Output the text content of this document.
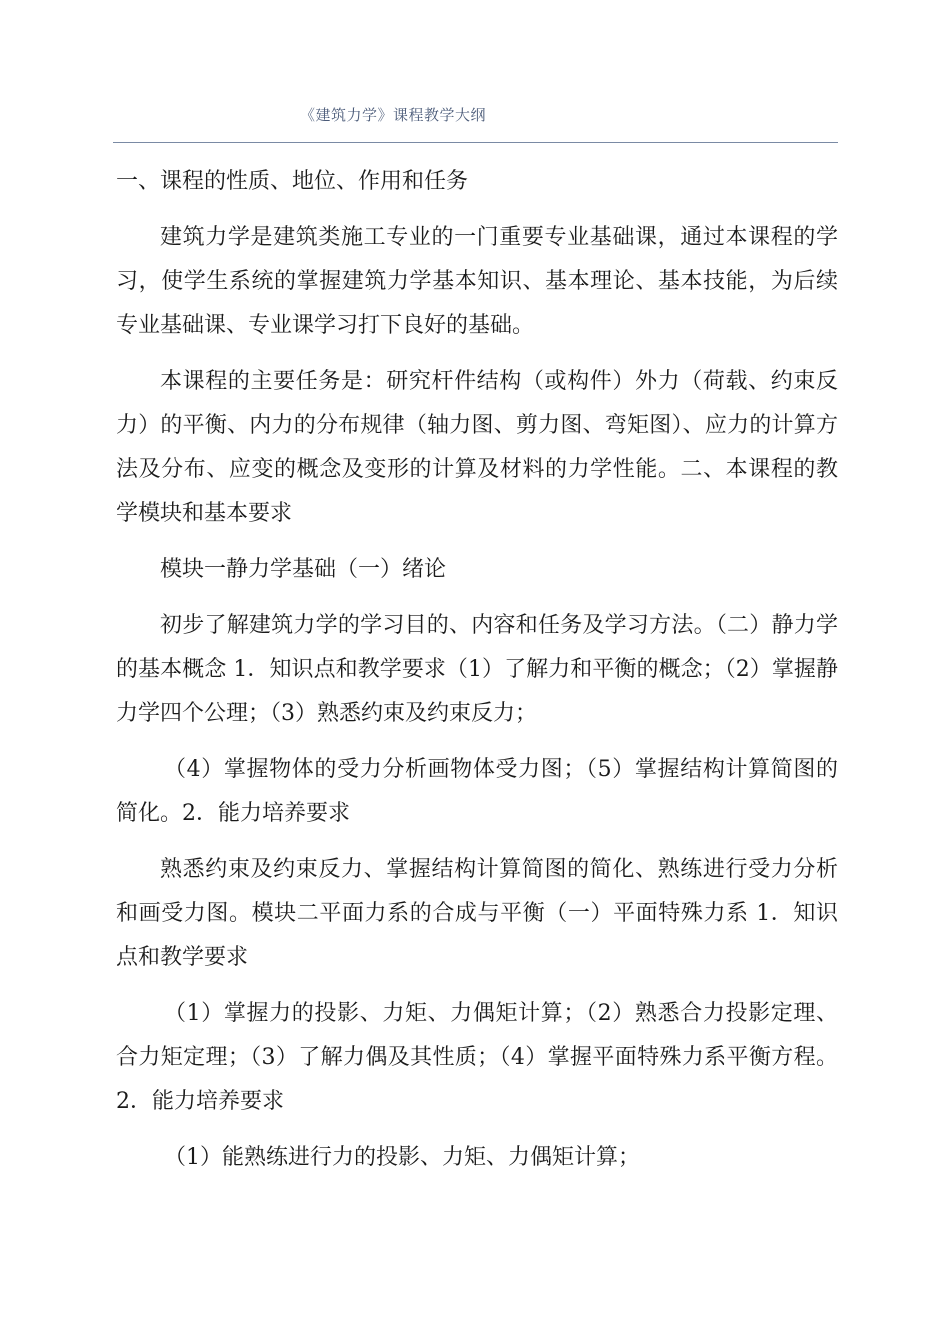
《建筑力学》课程教学大纲

一、课程的性质、地位、作用和任务

建筑力学是建筑类施工专业的一门重要专业基础课，通过本课程的学习，使学生系统的掌握建筑力学基本知识、基本理论、基本技能，为后续专业基础课、专业课学习打下良好的基础。

本课程的主要任务是：研究杆件结构（或构件）外力（荷载、约束反力）的平衡、内力的分布规律（轴力图、剪力图、弯矩图）、应力的计算方法及分布、应变的概念及变形的计算及材料的力学性能。二、本课程的教学模块和基本要求

模块一静力学基础（一）绪论

初步了解建筑力学的学习目的、内容和任务及学习方法。（二）静力学的基本概念 1．知识点和教学要求（1）了解力和平衡的概念；（2）掌握静力学四个公理；（3）熟悉约束及约束反力；

（4）掌握物体的受力分析画物体受力图；（5）掌握结构计算简图的简化。2．能力培养要求

熟悉约束及约束反力、掌握结构计算简图的简化、熟练进行受力分析和画受力图。模块二平面力系的合成与平衡（一）平面特殊力系 1．知识点和教学要求

（1）掌握力的投影、力矩、力偶矩计算；（2）熟悉合力投影定理、合力矩定理；（3）了解力偶及其性质；（4）掌握平面特殊力系平衡方程。2．能力培养要求

（1）能熟练进行力的投影、力矩、力偶矩计算；
